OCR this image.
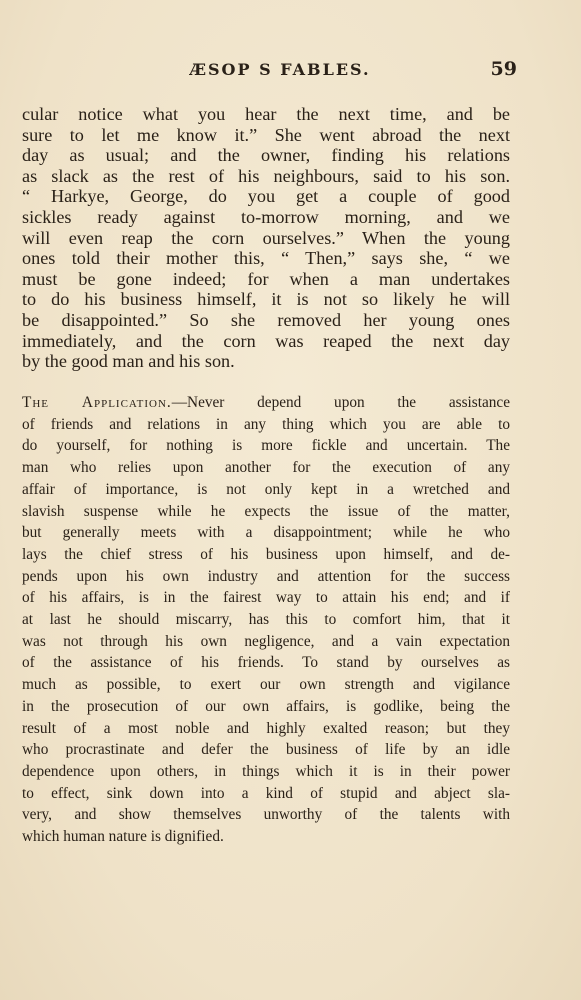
ÆSOP S FABLES.	59
cular notice what you hear the next time, and be
sure to let me know it.” She went abroad the next
day as usual; and the owner, finding his relations
as slack as the rest of his neighbours, said to his son.
“ Harkye, George, do you get a couple of good
sickles ready against to-morrow morning, and we
will even reap the corn ourselves.” When the young
ones told their mother this, “ Then,” says she, “ we
must be gone indeed; for when a man undertakes
to do his business himself, it is not so likely he will
be disappointed.” So she removed her young ones
immediately, and the corn was reaped the next day
by the good man and his son.
The Application.—Never depend upon the assistance
of friends and relations in any thing which you are able to
do yourself, for nothing is more fickle and uncertain. The
man who relies upon another for the execution of any
affair of importance, is not only kept in a wretched and
slavish suspense while he expects the issue of the matter,
but generally meets with a disappointment; while he who
lays the chief stress of his business upon himself, and de-
pends upon his own industry and attention for the success
of his affairs, is in the fairest way to attain his end; and if
at last he should miscarry, has this to comfort him, that it
was not through his own negligence, and a vain expectation
of the assistance of his friends. To stand by ourselves as
much as possible, to exert our own strength and vigilance
in the prosecution of our own affairs, is godlike, being the
result of a most noble and highly exalted reason; but they
who procrastinate and defer the business of life by an idle
dependence upon others, in things which it is in their power
to effect, sink down into a kind of stupid and abject sla-
very, and show themselves unworthy of the talents with
which human nature is dignified.
